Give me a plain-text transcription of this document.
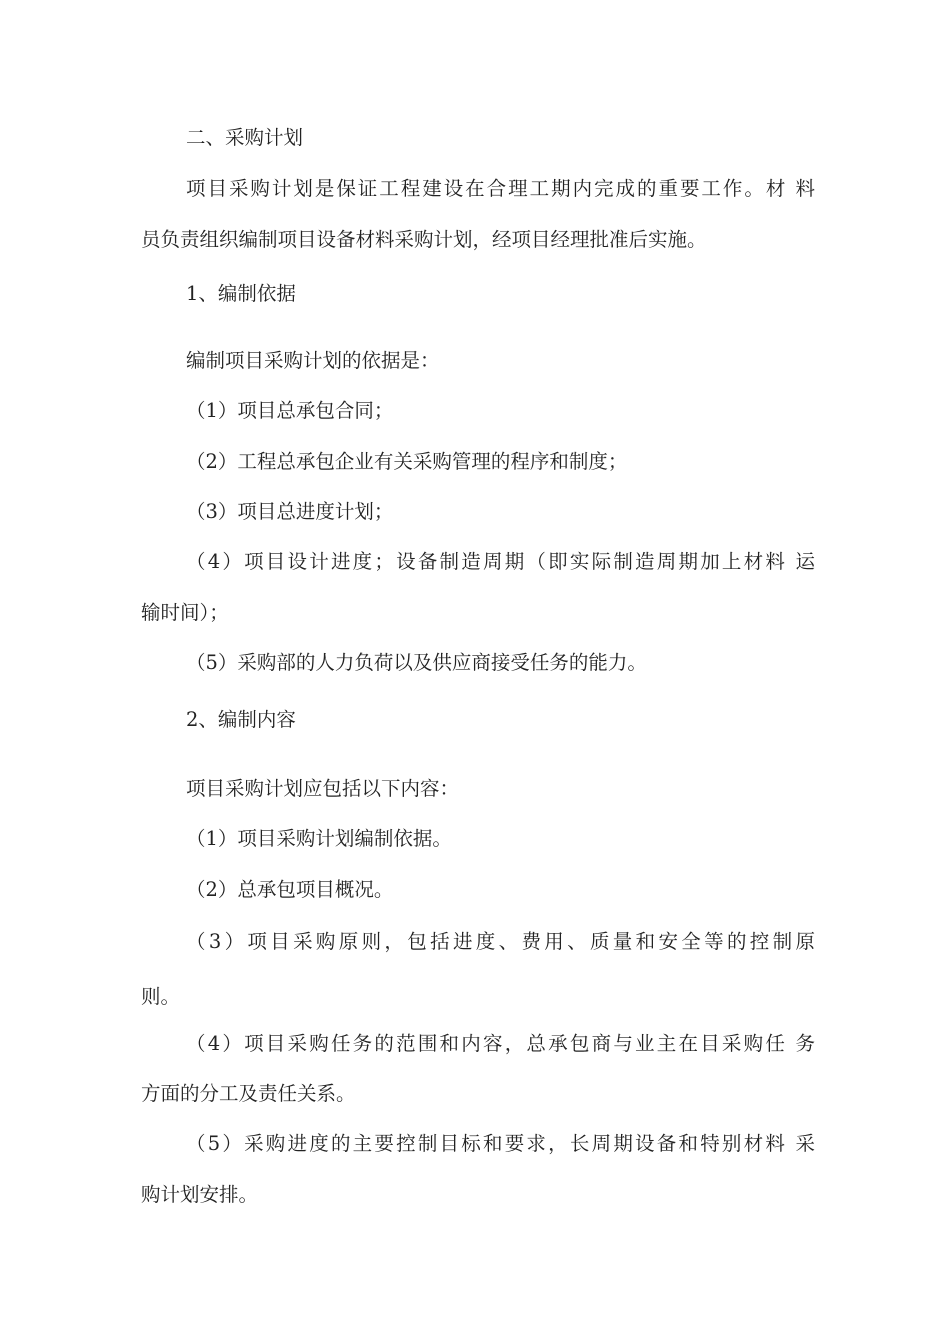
二、采购计划
项目采购计划是保证工程建设在合理工期内完成的重要工作。材 料
员负责组织编制项目设备材料采购计划，经项目经理批准后实施。
1、编制依据
编制项目采购计划的依据是：
（1）项目总承包合同；
（2）工程总承包企业有关采购管理的程序和制度；
（3）项目总进度计划；
（4）项目设计进度；设备制造周期（即实际制造周期加上材料 运
输时间）；
（5）采购部的人力负荷以及供应商接受任务的能力。
2、编制内容
项目采购计划应包括以下内容：
（1）项目采购计划编制依据。
（2）总承包项目概况。
（3）项目采购原则，包括进度、费用、质量和安全等的控制原
则。
（4）项目采购任务的范围和内容，总承包商与业主在目采购任 务
方面的分工及责任关系。
（5）采购进度的主要控制目标和要求，长周期设备和特别材料 采
购计划安排。
